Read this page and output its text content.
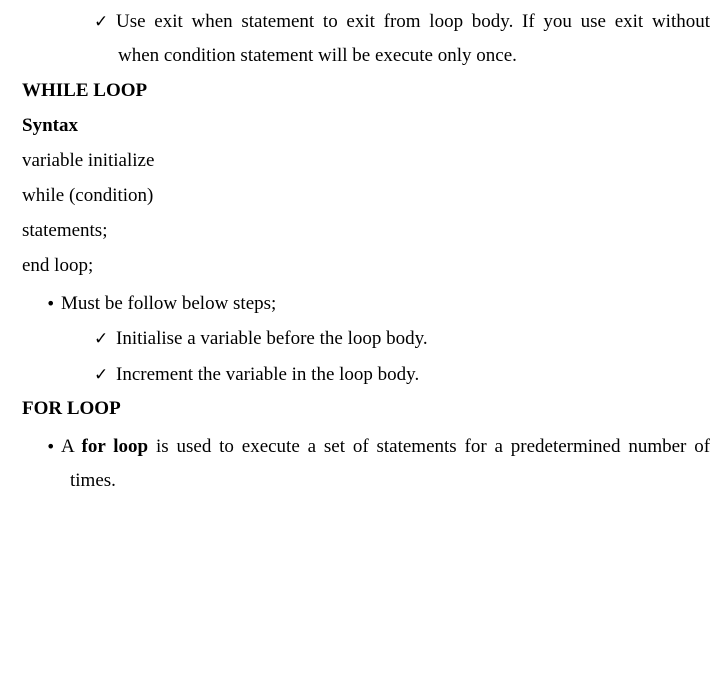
✓ Use exit when statement to exit from loop body. If you use exit without
when condition statement will be execute only once.
WHILE LOOP
Syntax
variable initialize
while (condition)
statements;
end loop;
• Must be follow below steps;
✓ Initialise a variable before the loop body.
✓ Increment the variable in the loop body.
FOR LOOP
• A for loop is used to execute a set of statements for a predetermined number of
times.
